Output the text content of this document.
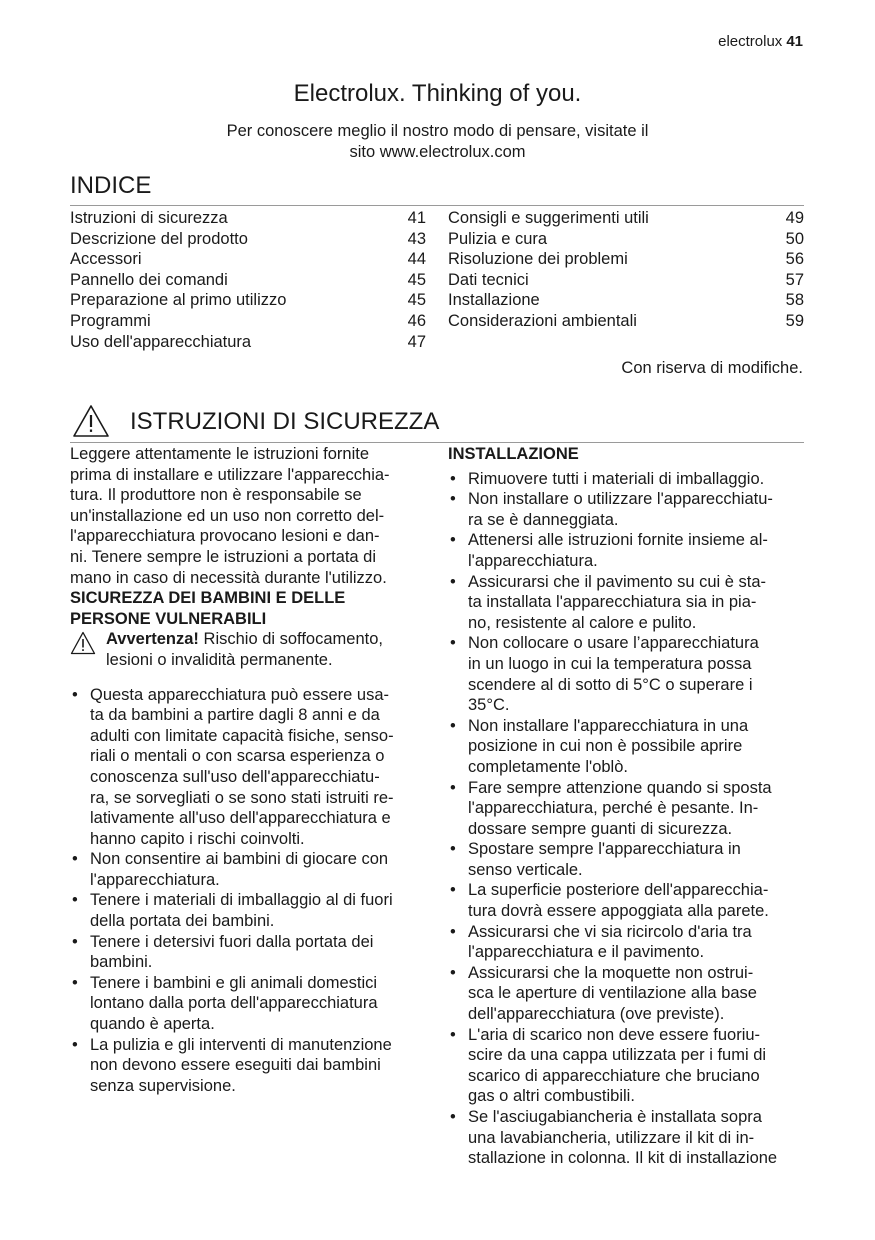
electrolux 41
Electrolux. Thinking of you.
Per conoscere meglio il nostro modo di pensare, visitate il
sito www.electrolux.com
INDICE
Istruzioni di sicurezza	41
Descrizione del prodotto	43
Accessori	44
Pannello dei comandi	45
Preparazione al primo utilizzo	45
Programmi	46
Uso dell'apparecchiatura	47
Consigli e suggerimenti utili	49
Pulizia e cura	50
Risoluzione dei problemi	56
Dati tecnici	57
Installazione	58
Considerazioni ambientali	59
Con riserva di modifiche.
ISTRUZIONI DI SICUREZZA

Leggere attentamente le istruzioni fornite
prima di installare e utilizzare l'apparecchia-
tura. Il produttore non è responsabile se
un'installazione ed un uso non corretto del-
l'apparecchiatura provocano lesioni e dan-
ni. Tenere sempre le istruzioni a portata di
mano in caso di necessità durante l'utilizzo.

SICUREZZA DEI BAMBINI E DELLE
PERSONE VULNERABILI

Avvertenza! Rischio di soffocamento,
lesioni o invalidità permanente.
• Questa apparecchiatura può essere usa-
ta da bambini a partire dagli 8 anni e da
adulti con limitate capacità fisiche, senso-
riali o mentali o con scarsa esperienza o
conoscenza sull'uso dell'apparecchiatu-
ra, se sorvegliati o se sono stati istruiti re-
lativamente all'uso dell'apparecchiatura e
hanno capito i rischi coinvolti.
• Non consentire ai bambini di giocare con
l'apparecchiatura.
• Tenere i materiali di imballaggio al di fuori
della portata dei bambini.
• Tenere i detersivi fuori dalla portata dei
bambini.
• Tenere i bambini e gli animali domestici
lontano dalla porta dell'apparecchiatura
quando è aperta.
• La pulizia e gli interventi di manutenzione
non devono essere eseguiti dai bambini
senza supervisione.

INSTALLAZIONE

• Rimuovere tutti i materiali di imballaggio.
• Non installare o utilizzare l'apparecchiatu-
ra se è danneggiata.
• Attenersi alle istruzioni fornite insieme al-
l'apparecchiatura.
• Assicurarsi che il pavimento su cui è sta-
ta installata l'apparecchiatura sia in pia-
no, resistente al calore e pulito.
• Non collocare o usare l’apparecchiatura
in un luogo in cui la temperatura possa
scendere al di sotto di 5°C o superare i
35°C.
• Non installare l'apparecchiatura in una
posizione in cui non è possibile aprire
completamente l'oblò.
• Fare sempre attenzione quando si sposta
l'apparecchiatura, perché è pesante. In-
dossare sempre guanti di sicurezza.
• Spostare sempre l'apparecchiatura in
senso verticale.
• La superficie posteriore dell'apparecchia-
tura dovrà essere appoggiata alla parete.
• Assicurarsi che vi sia ricircolo d'aria tra
l'apparecchiatura e il pavimento.
• Assicurarsi che la moquette non ostrui-
sca le aperture di ventilazione alla base
dell'apparecchiatura (ove previste).
• L'aria di scarico non deve essere fuoriu-
scire da una cappa utilizzata per i fumi di
scarico di apparecchiature che bruciano
gas o altri combustibili.
• Se l'asciugabiancheria è installata sopra
una lavabiancheria, utilizzare il kit di in-
stallazione in colonna. Il kit di installazione
